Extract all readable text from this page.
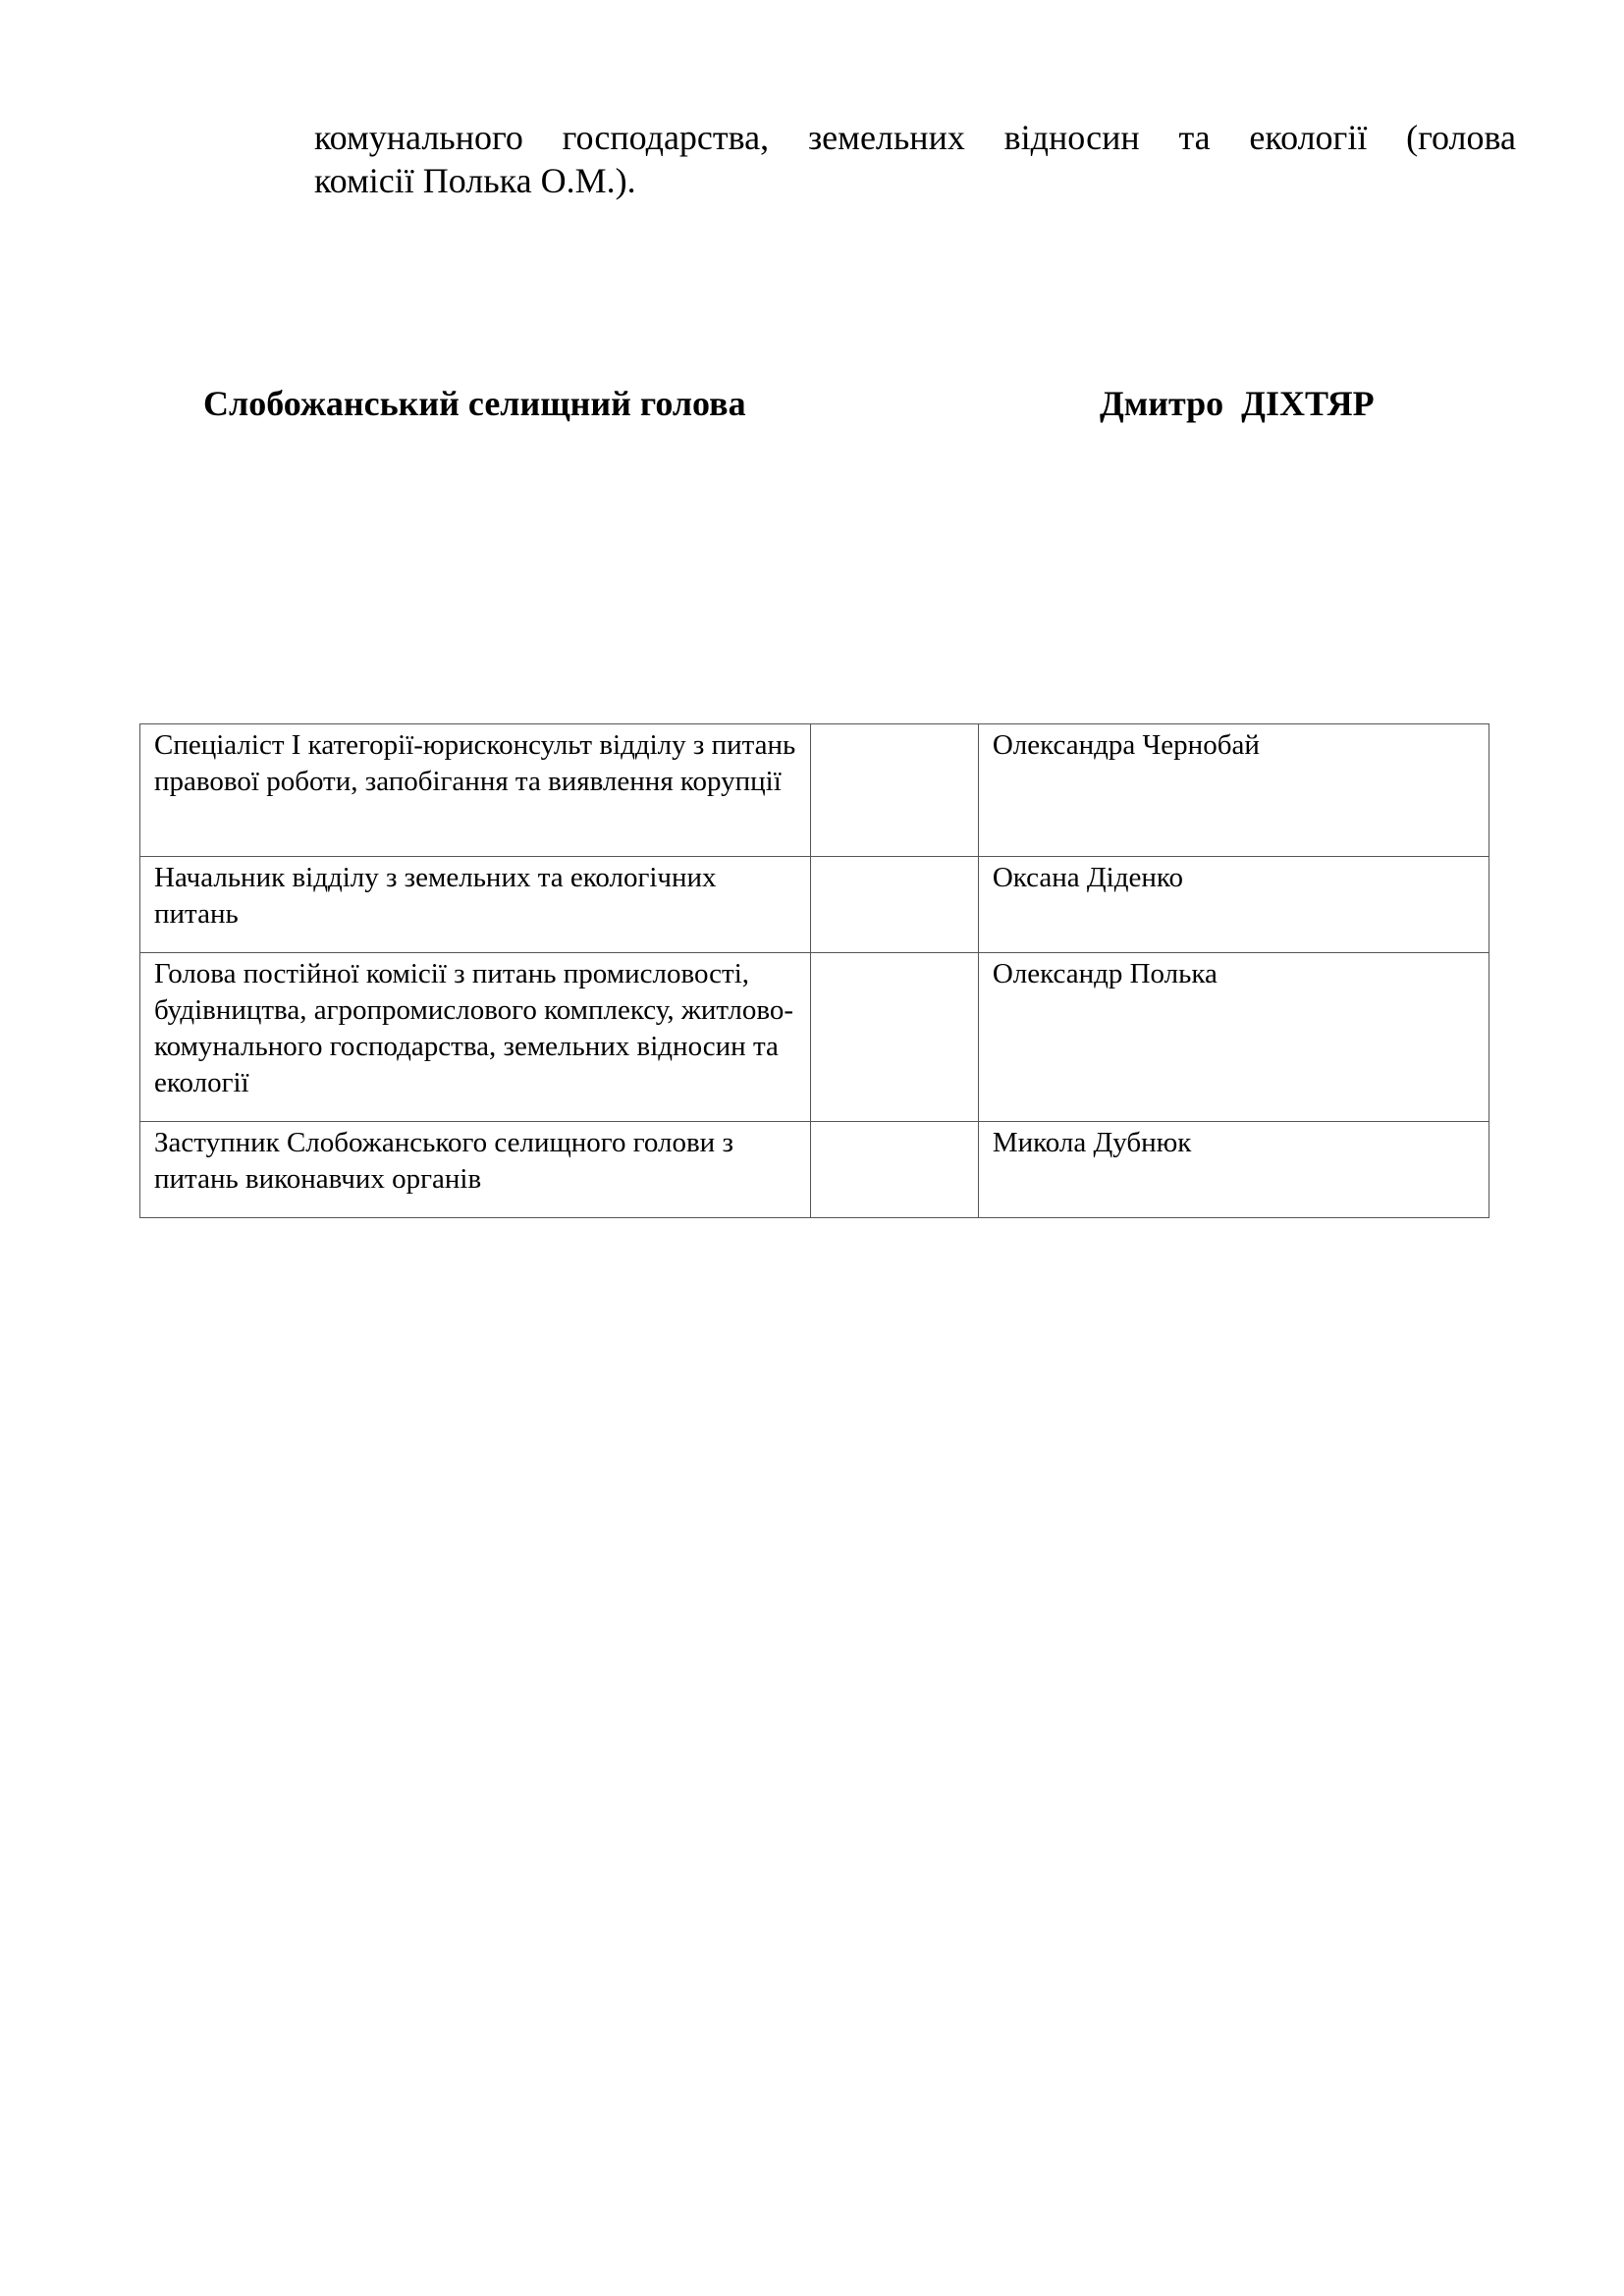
комунального господарства, земельних відносин та екології (голова
комісії Полька О.М.).
Слобожанський селищний голова	Дмитро  ДІХТЯР
Спеціаліст І категорії-юрисконсульт відділу з питань правової роботи, запобігання та виявлення корупції		Олександра Чернобай
Начальник відділу з земельних та екологічних питань		Оксана Діденко
Голова постійної комісії з питань промисловості, будівництва, агропромислового комплексу, житлово-комунального господарства, земельних відносин та екології		Олександр Полька
Заступник Слобожанського селищного голови з питань виконавчих органів		Микола Дубнюк
